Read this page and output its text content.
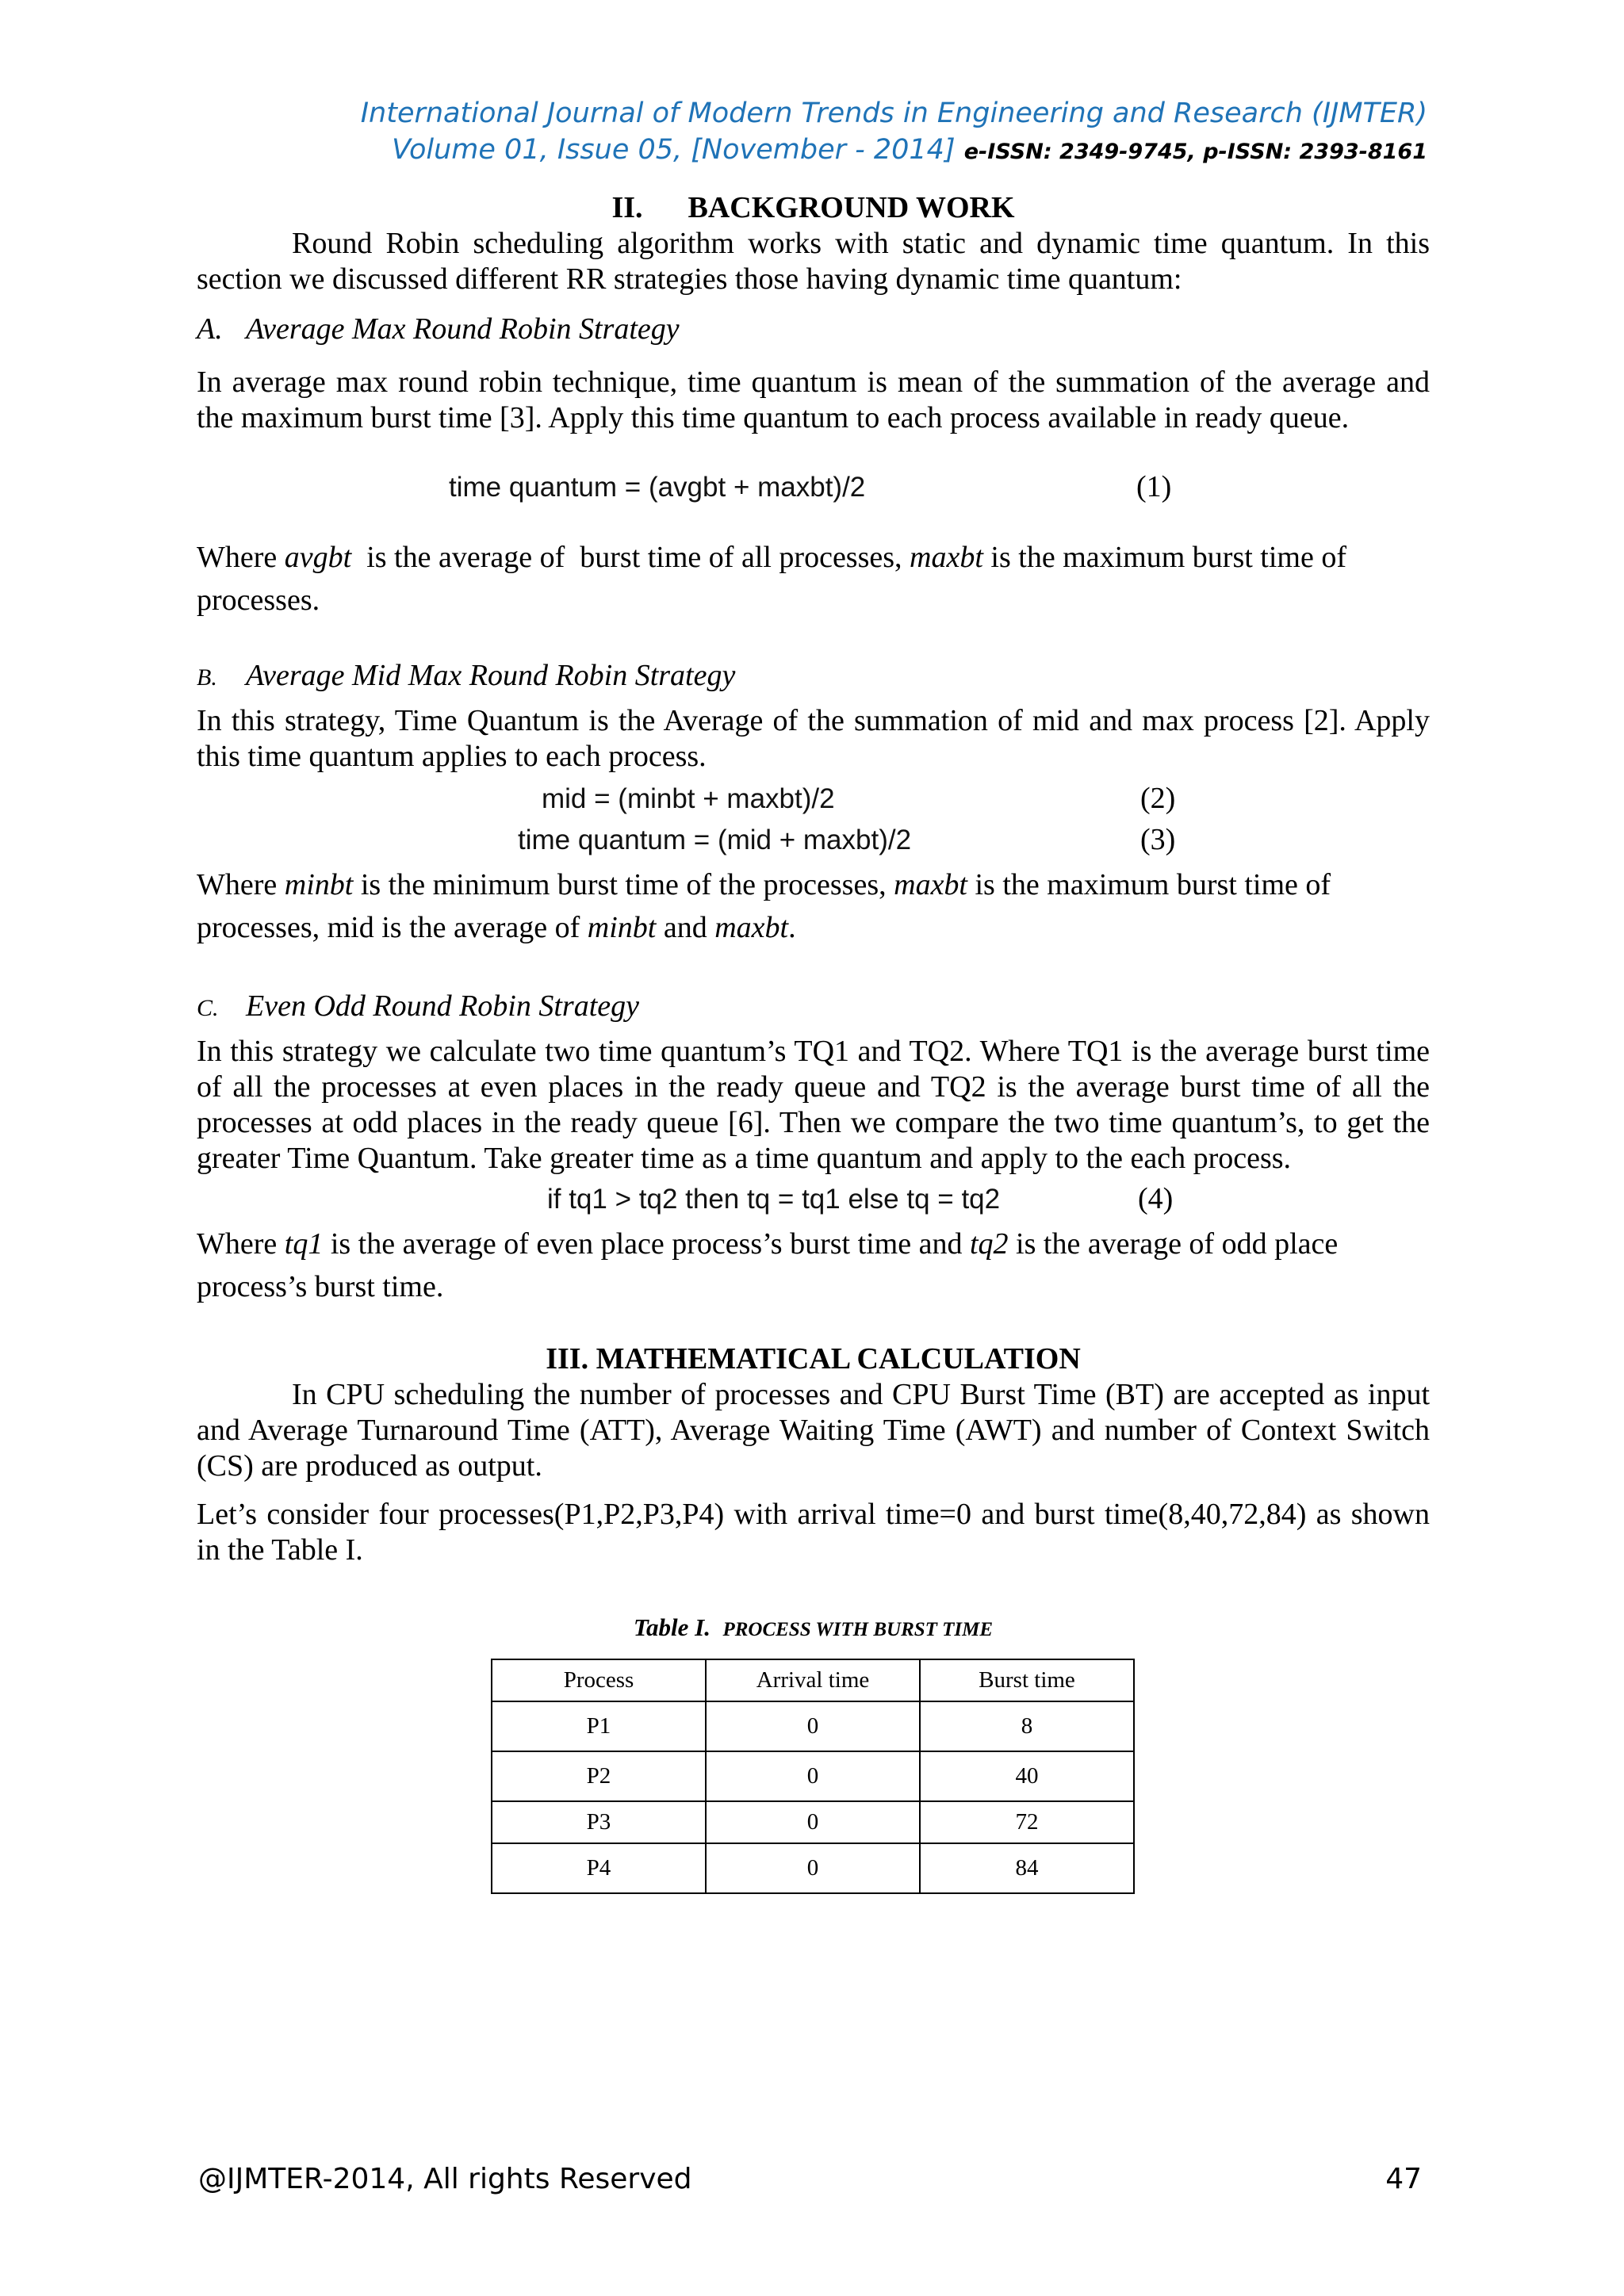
International Journal of Modern Trends in Engineering and Research (IJMTER)
Volume 01, Issue 05, [November - 2014] e-ISSN: 2349-9745, p-ISSN: 2393-8161

II.      BACKGROUND WORK

Round Robin scheduling algorithm works with static and dynamic time quantum. In this section we discussed different RR strategies those having dynamic time quantum:

A. Average Max Round Robin Strategy

In average max round robin technique, time quantum is mean of the summation of the average and the maximum burst time [3]. Apply this time quantum to each process available in ready queue.

time quantum = (avgbt + maxbt)/2	(1)

Where avgbt  is the average of  burst time of all processes, maxbt is the maximum burst time of processes.

B. Average Mid Max Round Robin Strategy

In this strategy, Time Quantum is the Average of the summation of mid and max process [2]. Apply this time quantum applies to each process.

mid = (minbt + maxbt)/2	(2)
time quantum = (mid + maxbt)/2	(3)

Where minbt is the minimum burst time of the processes, maxbt is the maximum burst time of processes, mid is the average of minbt and maxbt.

C. Even Odd Round Robin Strategy

In this strategy we calculate two time quantum’s TQ1 and TQ2. Where TQ1 is the average burst time of all the processes at even places in the ready queue and TQ2 is the average burst time of all the processes at odd places in the ready queue [6]. Then we compare the two time quantum’s, to get the greater Time Quantum. Take greater time as a time quantum and apply to the each process.

if tq1 > tq2 then tq = tq1 else tq = tq2	(4)

Where tq1 is the average of even place process’s burst time and tq2 is the average of odd place process’s burst time.

III. MATHEMATICAL CALCULATION

In CPU scheduling the number of processes and CPU Burst Time (BT) are accepted as input and Average Turnaround Time (ATT), Average Waiting Time (AWT) and number of Context Switch (CS) are produced as output.

Let’s consider four processes(P1,P2,P3,P4) with arrival time=0 and burst time(8,40,72,84) as shown in the Table I.

Table I. PROCESS WITH BURST TIME

Process	Arrival time	Burst time
P1	0	8
P2	0	40
P3	0	72
P4	0	84
@IJMTER-2014, All rights Reserved	47
